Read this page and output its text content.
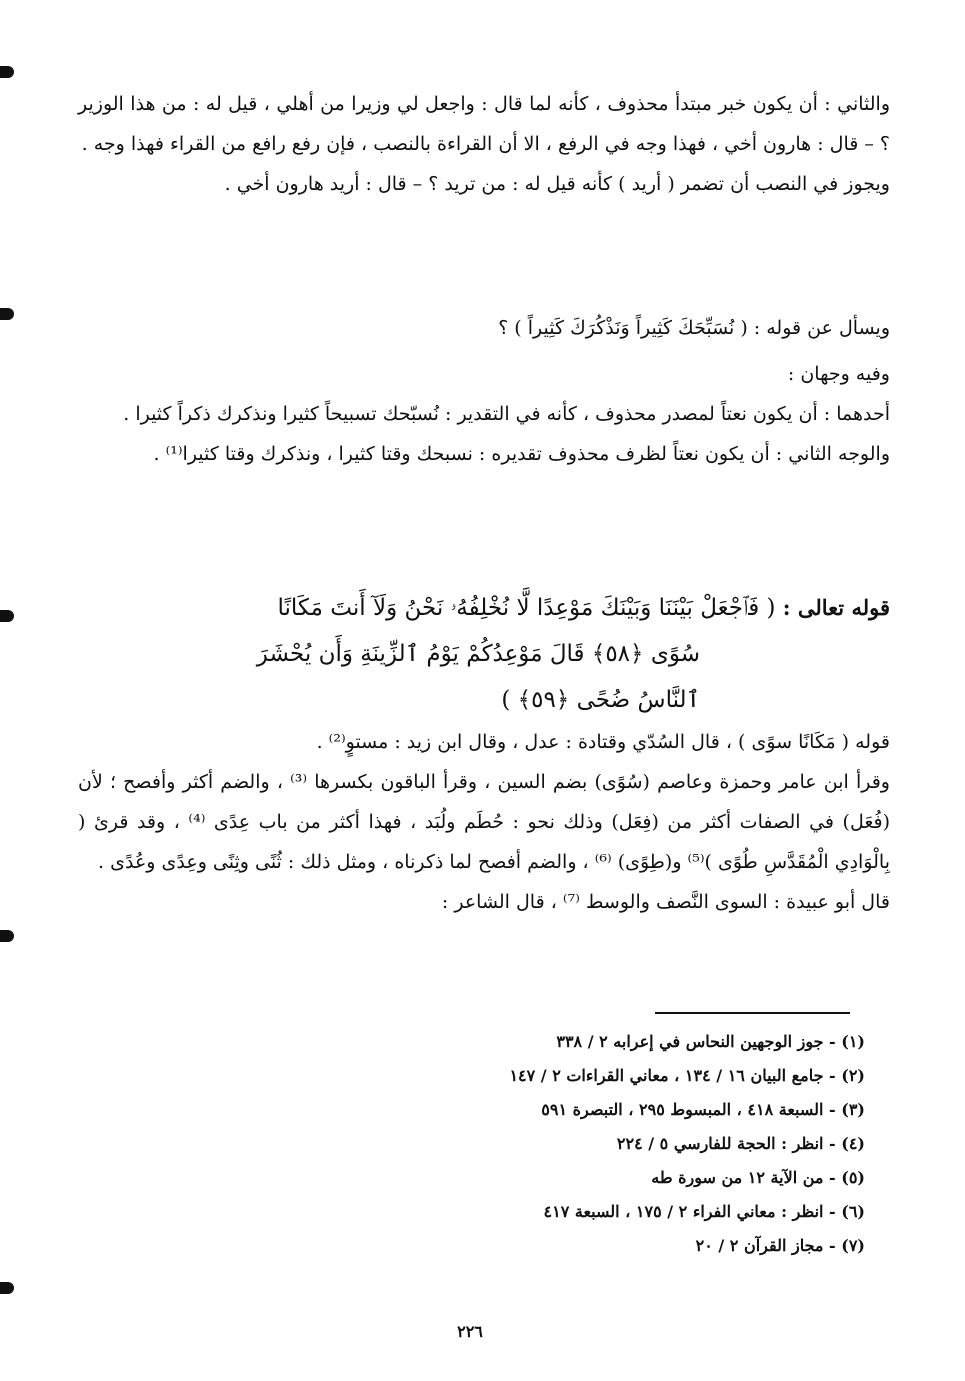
والثاني : أن يكون خبر مبتدأ محذوف ، كأنه لما قال : واجعل لي وزيرا من أهلي ، قيل له : من هذا الوزير ؟ – قال : هارون أخي ، فهذا وجه في الرفع ، الا أن القراءة بالنصب ، فإن رفع رافع من القراء فهذا وجه .

ويجوز في النصب أن تضمر ( أريد ) كأنه قيل له : من تريد ؟ – قال : أريد هارون أخي .

ويسأل عن قوله : ( نُسَبِّحَكَ كَثِيراً وَنَذْكُرَكَ كَثِيراً ) ؟

وفيه وجهان :

أحدهما : أن يكون نعتاً لمصدر محذوف ، كأنه في التقدير : نُسبّحك تسبيحاً كثيرا ونذكرك ذكراً كثيرا .

والوجه الثاني : أن يكون نعتاً لظرف محذوف تقديره : نسبحك وقتا كثيرا ، ونذكرك وقتا كثيرا⁽¹⁾ .

قوله تعالى : ( فَٱجْعَلْ بَيْنَنَا وَبَيْنَكَ مَوْعِدًا لَّا نُخْلِفُهُۥ نَحْنُ وَلَآ أَنتَ مَكَانًا
سُوًى ﴿٥٨﴾ قَالَ مَوْعِدُكُمْ يَوْمُ ٱلزِّينَةِ وَأَن يُحْشَرَ ٱلنَّاسُ ضُحًى ﴿٥٩﴾ )

قوله ( مَكَانًا سوًى ) ، قال السُدّي وقتادة : عدل ، وقال ابن زيد : مستوٍ⁽²⁾ .

وقرأ ابن عامر وحمزة وعاصم (سُوًى) بضم السين ، وقرأ الباقون بكسرها ⁽³⁾ ، والضم أكثر وأفصح ؛ لأن (فُعَل) في الصفات أكثر من (فِعَل) وذلك نحو : حُطَم ولُبَد ، فهذا أكثر من باب عِدًى ⁽⁴⁾ ، وقد قرئ ( بِالْوَادِي الْمُقَدَّسِ طُوًى )⁽⁵⁾ و(طِوًى) ⁽⁶⁾ ، والضم أفصح لما ذكرناه ، ومثل ذلك : ثُنًى وثِنًى وعِدًى وعُدًى .

قال أبو عبيدة : السوى النَّصف والوسط ⁽⁷⁾ ، قال الشاعر :

(١) - جوز الوجهين النحاس في إعرابه ٢ / ٣٣٨
(٢) - جامع البيان ١٦ / ١٣٤ ، معاني القراءات ٢ / ١٤٧
(٣) - السبعة ٤١٨ ، المبسوط ٢٩٥ ، التبصرة ٥٩١
(٤) - انظر : الحجة للفارسي ٥ / ٢٢٤
(٥) - من الآية ١٢ من سورة طه
(٦) - انظر : معاني الفراء ٢ / ١٧٥ ، السبعة ٤١٧
(٧) - مجاز القرآن ٢ / ٢٠
٢٢٦
